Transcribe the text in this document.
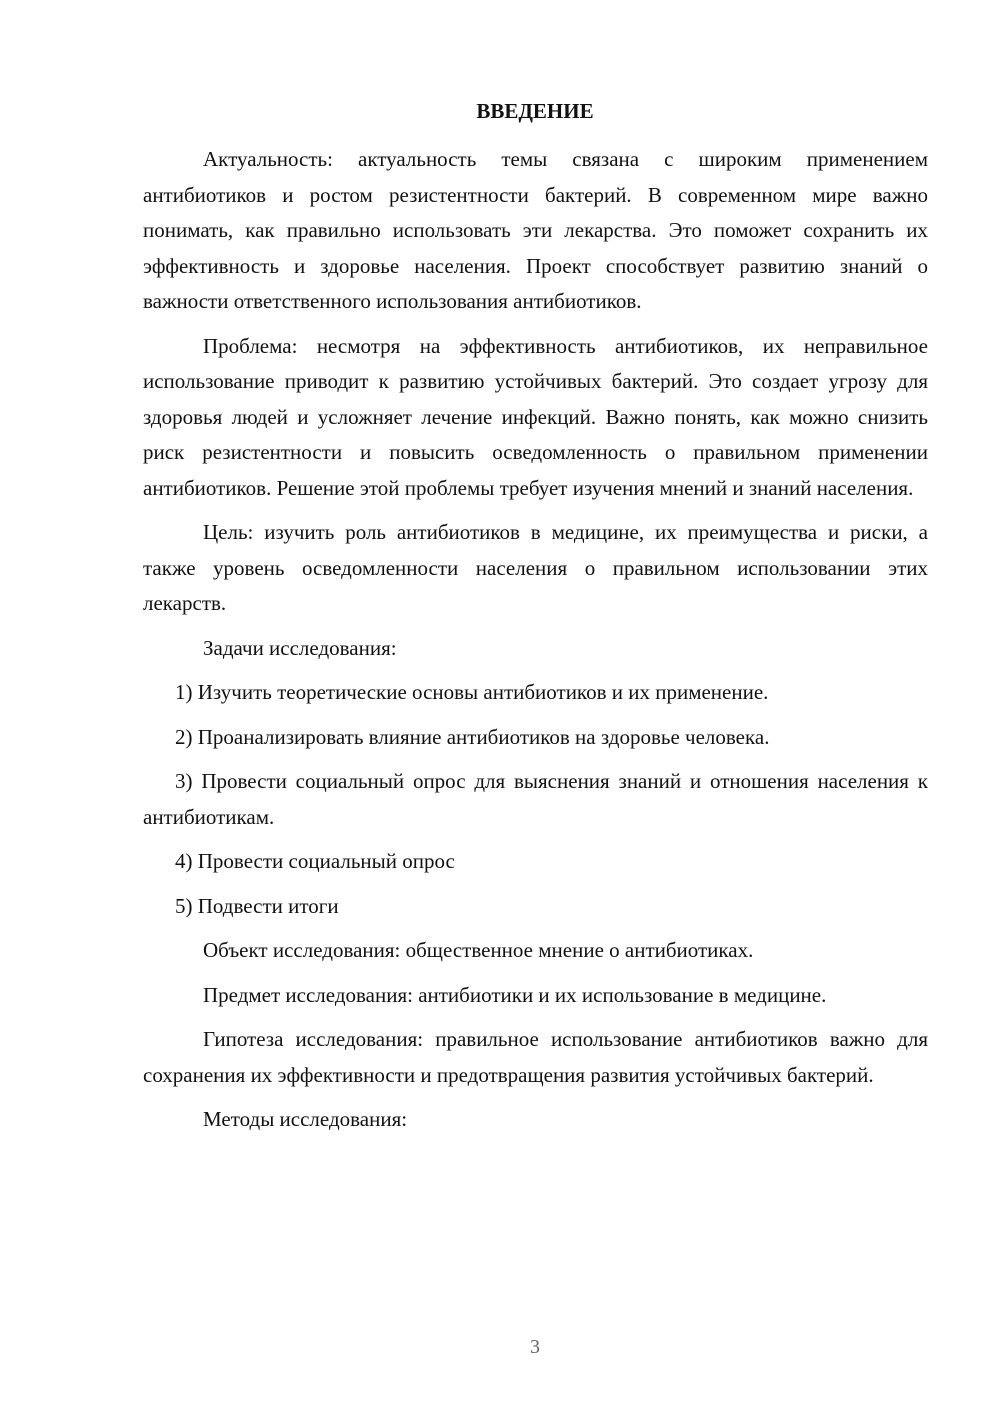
ВВЕДЕНИЕ

Актуальность: актуальность темы связана с широким применением антибиотиков и ростом резистентности бактерий. В современном мире важно понимать, как правильно использовать эти лекарства. Это поможет сохранить их эффективность и здоровье населения. Проект способствует развитию знаний о важности ответственного использования антибиотиков.

Проблема: несмотря на эффективность антибиотиков, их неправильное использование приводит к развитию устойчивых бактерий. Это создает угрозу для здоровья людей и усложняет лечение инфекций. Важно понять, как можно снизить риск резистентности и повысить осведомленность о правильном применении антибиотиков. Решение этой проблемы требует изучения мнений и знаний населения.

Цель: изучить роль антибиотиков в медицине, их преимущества и риски, а также уровень осведомленности населения о правильном использовании этих лекарств.

Задачи исследования:

1) Изучить теоретические основы антибиотиков и их применение.

2) Проанализировать влияние антибиотиков на здоровье человека.

3) Провести социальный опрос для выяснения знаний и отношения населения к антибиотикам.

4) Провести социальный опрос

5) Подвести итоги

Объект исследования: общественное мнение о антибиотиках.

Предмет исследования: антибиотики и их использование в медицине.

Гипотеза исследования: правильное использование антибиотиков важно для сохранения их эффективности и предотвращения развития устойчивых бактерий.

Методы исследования:

3
